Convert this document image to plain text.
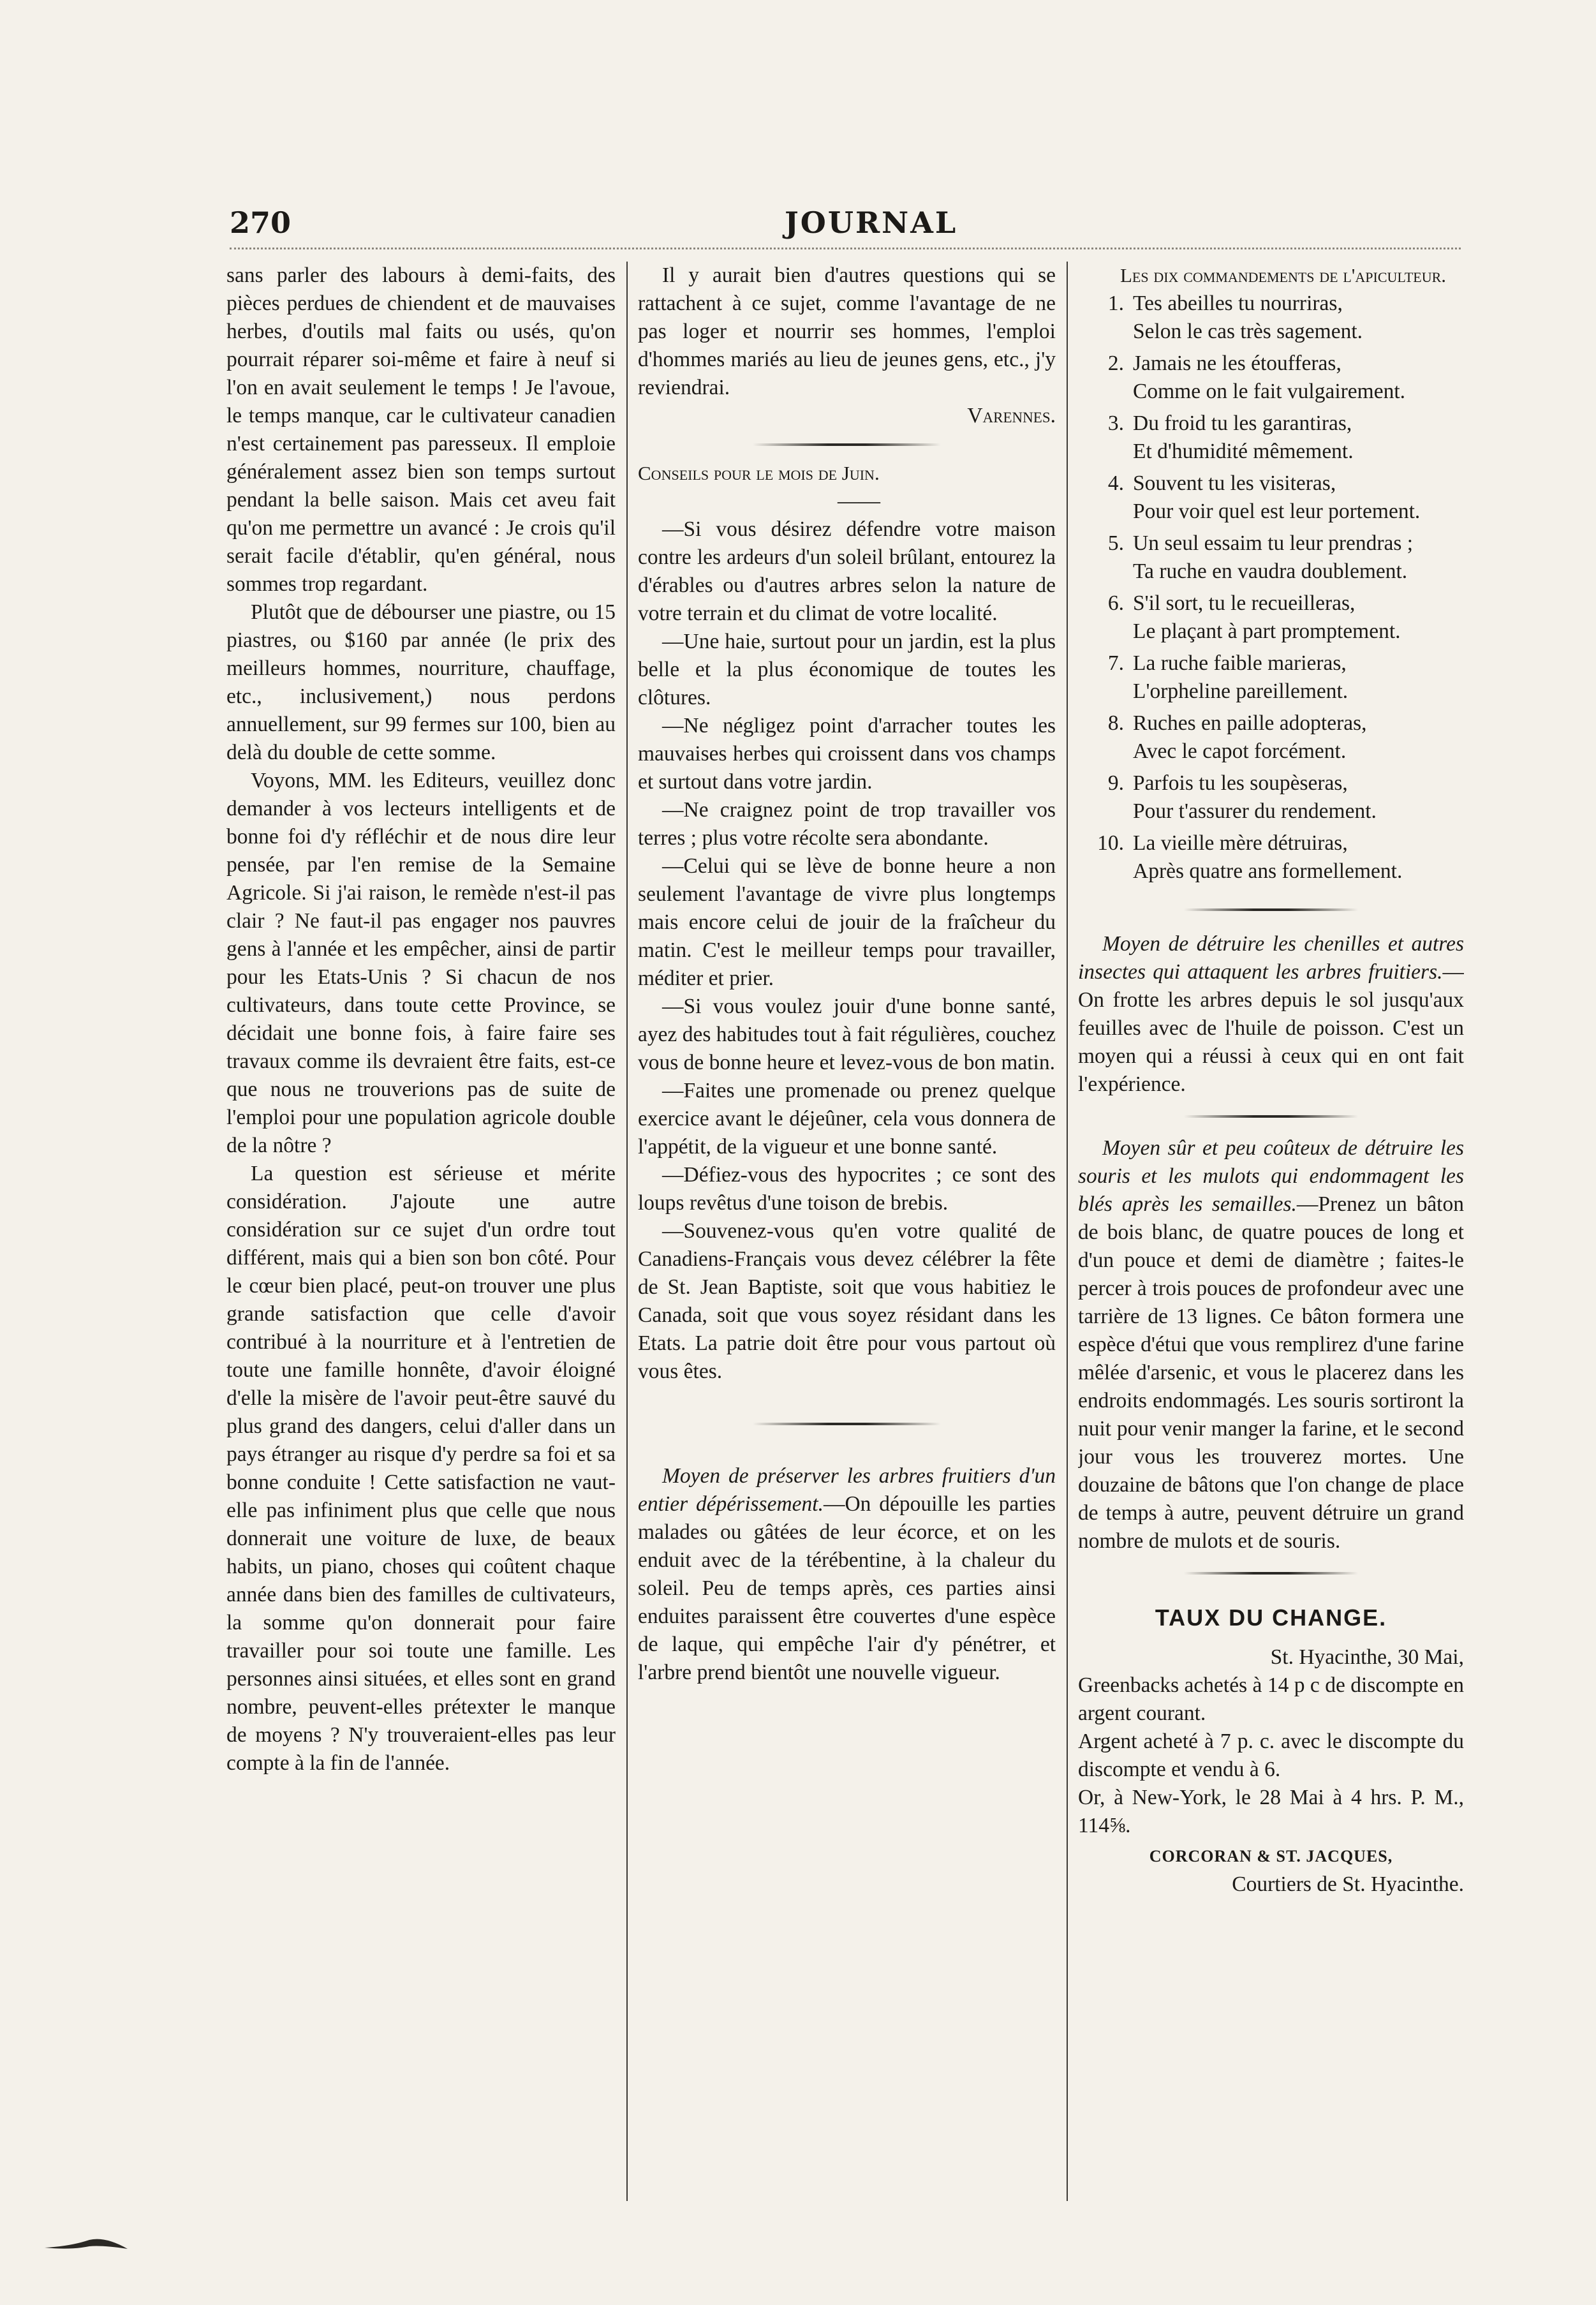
270	JOURNAL

sans parler des labours à demi-faits, des pièces perdues de chiendent et de mauvaises herbes, d'outils mal faits ou usés, qu'on pourrait réparer soi-même et faire à neuf si l'on en avait seulement le temps ! Je l'avoue, le temps manque, car le cultivateur canadien n'est certainement pas paresseux. Il emploie généralement assez bien son temps surtout pendant la belle saison. Mais cet aveu fait qu'on me permettre un avancé : Je crois qu'il serait facile d'établir, qu'en général, nous sommes trop regardant.

Plutôt que de débourser une piastre, ou 15 piastres, ou $160 par année (le prix des meilleurs hommes, nourriture, chauffage, etc., inclusivement,) nous perdons annuellement, sur 99 fermes sur 100, bien au delà du double de cette somme.

Voyons, MM. les Editeurs, veuillez donc demander à vos lecteurs intelligents et de bonne foi d'y réfléchir et de nous dire leur pensée, par l'en remise de la Semaine Agricole. Si j'ai raison, le remède n'est-il pas clair ? Ne faut-il pas engager nos pauvres gens à l'année et les empêcher, ainsi de partir pour les Etats-Unis ? Si chacun de nos cultivateurs, dans toute cette Province, se décidait une bonne fois, à faire faire ses travaux comme ils devraient être faits, est-ce que nous ne trouverions pas de suite de l'emploi pour une population agricole double de la nôtre ?

La question est sérieuse et mérite considération. J'ajoute une autre considération sur ce sujet d'un ordre tout différent, mais qui a bien son bon côté. Pour le cœur bien placé, peut-on trouver une plus grande satisfaction que celle d'avoir contribué à la nourriture et à l'entretien de toute une famille honnête, d'avoir éloigné d'elle la misère de l'avoir peut-être sauvé du plus grand des dangers, celui d'aller dans un pays étranger au risque d'y perdre sa foi et sa bonne conduite ! Cette satisfaction ne vaut-elle pas infiniment plus que celle que nous donnerait une voiture de luxe, de beaux habits, un piano, choses qui coûtent chaque année dans bien des familles de cultivateurs, la somme qu'on donnerait pour faire travailler pour soi toute une famille. Les personnes ainsi situées, et elles sont en grand nombre, peuvent-elles prétexter le manque de moyens ? N'y trouveraient-elles pas leur compte à la fin de l'année.

Il y aurait bien d'autres questions qui se rattachent à ce sujet, comme l'avantage de ne pas loger et nourrir ses hommes, l'emploi d'hommes mariés au lieu de jeunes gens, etc., j'y reviendrai.

Varennes.

Conseils pour le mois de Juin.

——

—Si vous désirez défendre votre maison contre les ardeurs d'un soleil brûlant, entourez la d'érables ou d'autres arbres selon la nature de votre terrain et du climat de votre localité.

—Une haie, surtout pour un jardin, est la plus belle et la plus économique de toutes les clôtures.

—Ne négligez point d'arracher toutes les mauvaises herbes qui croissent dans vos champs et surtout dans votre jardin.

—Ne craignez point de trop travailler vos terres ; plus votre récolte sera abondante.

—Celui qui se lève de bonne heure a non seulement l'avantage de vivre plus longtemps mais encore celui de jouir de la fraîcheur du matin. C'est le meilleur temps pour travailler, méditer et prier.

—Si vous voulez jouir d'une bonne santé, ayez des habitudes tout à fait régulières, couchez vous de bonne heure et levez-vous de bon matin.

—Faites une promenade ou prenez quelque exercice avant le déjeûner, cela vous donnera de l'appétit, de la vigueur et une bonne santé.

—Défiez-vous des hypocrites ; ce sont des loups revêtus d'une toison de brebis.

—Souvenez-vous qu'en votre qualité de Canadiens-Français vous devez célébrer la fête de St. Jean Baptiste, soit que vous habitiez le Canada, soit que vous soyez résidant dans les Etats. La patrie doit être pour vous partout où vous êtes.

Moyen de préserver les arbres fruitiers d'un entier dépérissement.—On dépouille les parties malades ou gâtées de leur écorce, et on les enduit avec de la térébentine, à la chaleur du soleil. Peu de temps après, ces parties ainsi enduites paraissent être couvertes d'une espèce de laque, qui empêche l'air d'y pénétrer, et l'arbre prend bientôt une nouvelle vigueur.

Les dix commandements de l'apiculteur.

1. Tes abeilles tu nourriras,
Selon le cas très sagement.
2. Jamais ne les étoufferas,
Comme on le fait vulgairement.
3. Du froid tu les garantiras,
Et d'humidité mêmement.
4. Souvent tu les visiteras,
Pour voir quel est leur portement.
5. Un seul essaim tu leur prendras ;
Ta ruche en vaudra doublement.
6. S'il sort, tu le recueilleras,
Le plaçant à part promptement.
7. La ruche faible marieras,
L'orpheline pareillement.
8. Ruches en paille adopteras,
Avec le capot forcément.
9. Parfois tu les soupèseras,
Pour t'assurer du rendement.
10. La vieille mère détruiras,
Après quatre ans formellement.

Moyen de détruire les chenilles et autres insectes qui attaquent les arbres fruitiers.—On frotte les arbres depuis le sol jusqu'aux feuilles avec de l'huile de poisson. C'est un moyen qui a réussi à ceux qui en ont fait l'expérience.

Moyen sûr et peu coûteux de détruire les souris et les mulots qui endommagent les blés après les semailles.—Prenez un bâton de bois blanc, de quatre pouces de long et d'un pouce et demi de diamètre ; faites-le percer à trois pouces de profondeur avec une tarrière de 13 lignes. Ce bâton formera une espèce d'étui que vous remplirez d'une farine mêlée d'arsenic, et vous le placerez dans les endroits endommagés. Les souris sortiront la nuit pour venir manger la farine, et le second jour vous les trouverez mortes. Une douzaine de bâtons que l'on change de place de temps à autre, peuvent détruire un grand nombre de mulots et de souris.

TAUX DU CHANGE.

St. Hyacinthe, 30 Mai,

Greenbacks achetés à 14 p c de discompte en argent courant.

Argent acheté à 7 p. c. avec le discompte du discompte et vendu à 6.

Or, à New-York, le 28 Mai à 4 hrs. P. M., 114⅝.

CORCORAN & ST. JACQUES,

Courtiers de St. Hyacinthe.
